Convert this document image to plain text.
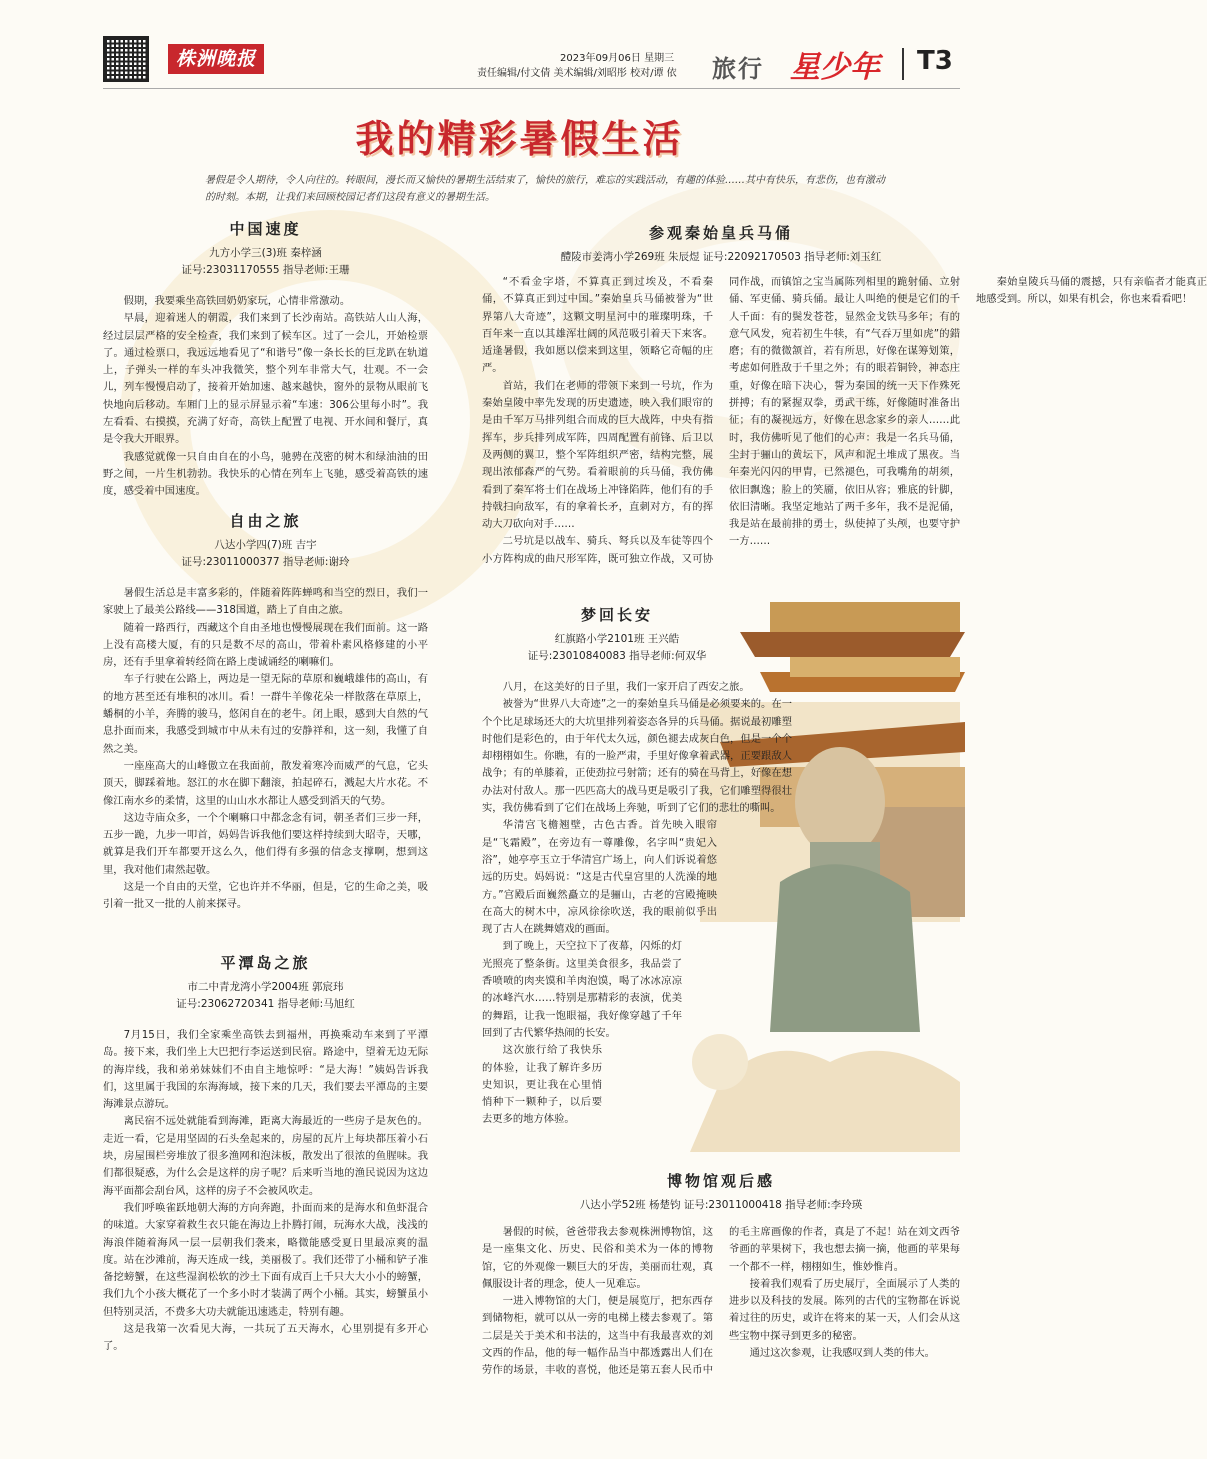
株洲晚报	2023年09月06日 星期三
责任编辑/付文倩 美术编辑/刘昭彤 校对/谭 依 旅行 星少年 T3
我的精彩暑假生活
暑假是令人期待，令人向往的。转眼间，漫长而又愉快的暑期生活结束了，愉快的旅行，难忘的实践活动，有趣的体验……其中有快乐，有悲伤，也有激动的时刻。本期，让我们来回顾校园记者们这段有意义的暑期生活。
中国速度
九方小学三(3)班 秦梓涵
证号:23031170555 指导老师:王珊

假期，我要乘坐高铁回奶奶家玩，心情非常激动。

早晨，迎着迷人的朝霞，我们来到了长沙南站。高铁站人山人海，经过层层严格的安全检查，我们来到了候车区。过了一会儿，开始检票了。通过检票口，我远远地看见了“和谐号”像一条长长的巨龙趴在轨道上，子弹头一样的车头冲我微笑，整个列车非常大气，壮观。不一会儿，列车慢慢启动了，接着开始加速、越来越快，窗外的景物从眼前飞快地向后移动。车厢门上的显示屏显示着“车速：306公里每小时”。我左看看、右摸摸，充满了好奇，高铁上配置了电视、开水间和餐厅，真是令我大开眼界。

我感觉就像一只自由自在的小鸟，驰骋在茂密的树木和绿油油的田野之间，一片生机勃勃。我快乐的心情在列车上飞驰，感受着高铁的速度，感受着中国速度。

自由之旅
八达小学四(7)班 吉宇
证号:23011000377 指导老师:谢玲

暑假生活总是丰富多彩的，伴随着阵阵蝉鸣和当空的烈日，我们一家驶上了最美公路线——318国道，踏上了自由之旅。

随着一路西行，西藏这个自由圣地也慢慢展现在我们面前。这一路上没有高楼大厦，有的只是数不尽的高山，带着朴素风格修建的小平房，还有手里拿着转经筒在路上虔诚诵经的喇嘛们。

车子行驶在公路上，两边是一望无际的草原和巍峨雄伟的高山，有的地方甚至还有堆积的冰川。看！一群牛羊像花朵一样散落在草原上，蟠桐的小羊，奔腾的骏马，悠闲自在的老牛。闭上眼，感到大自然的气息扑面而来，我感受到城市中从未有过的安静祥和，这一刻，我懂了自然之美。

一座座高大的山峰傲立在我面前，散发着寒冷而威严的气息，它头顶天，脚踩着地。怒江的水在脚下翻滚，拍起碎石，溅起大片水花。不像江南水乡的柔情，这里的山山水水都让人感受到滔天的气势。

这边寺庙众多，一个个喇嘛口中都念念有词，朝圣者们三步一拜，五步一跪，九步一叩首，妈妈告诉我他们要这样持续到大昭寺，天哪，就算是我们开车都要开这么久，他们得有多强的信念支撑啊，想到这里，我对他们肃然起敬。

这是一个自由的天堂，它也许并不华丽，但是，它的生命之美，吸引着一批又一批的人前来探寻。

平潭岛之旅
市二中青龙湾小学2004班 郭宸玮
证号:23062720341 指导老师:马旭红

7月15日，我们全家乘坐高铁去到福州，再换乘动车来到了平潭岛。接下来，我们坐上大巴把行李运送到民宿。路途中，望着无边无际的海岸线，我和弟弟妹妹们不由自主地惊呼：“是大海！”姨妈告诉我们，这里属于我国的东海海域，接下来的几天，我们要去平潭岛的主要海滩景点游玩。

离民宿不远处就能看到海滩，距离大海最近的一些房子是灰色的。走近一看，它是用坚固的石头垒起来的，房屋的瓦片上每块都压着小石块，房屋围栏旁堆放了很多渔网和泡沫板，散发出了很浓的鱼腥味。我们都很疑惑，为什么会是这样的房子呢？后来听当地的渔民说因为这边海平面都会刮台风，这样的房子不会被风吹走。

我们呼唤雀跃地朝大海的方向奔跑，扑面而来的是海水和鱼虾混合的味道。大家穿着救生衣只能在海边上扑腾打闹，玩海水大战，浅浅的海浪伴随着海风一层一层朝我们袭来，略微能感受夏日里最凉爽的温度。站在沙滩前，海天连成一线，美丽极了。我们还带了小桶和铲子准备挖螃蟹，在这些湿润松软的沙土下面有成百上千只大大小小的螃蟹，我们九个小孩大概花了一个多小时才装满了两个小桶。其实，螃蟹虽小但特别灵活，不费多大功夫就能迅速逃走，特别有趣。

这是我第一次看见大海，一共玩了五天海水，心里别提有多开心了。

参观秦始皇兵马俑
醴陵市姜湾小学269班 朱辰煜 证号:22092170503 指导老师:刘玉红

“不看金字塔，不算真正到过埃及，不看秦俑，不算真正到过中国。”秦始皇兵马俑被誉为“世界第八大奇迹”，这颗文明星河中的璀璨明珠，千百年来一直以其雄浑壮阔的风范吸引着天下来客。适逢暑假，我如愿以偿来到这里，领略它奇幅的庄严。

首站，我们在老师的带领下来到一号坑，作为秦始皇陵中率先发现的历史遗迹，映入我们眼帘的是由千军万马排列组合而成的巨大战阵，中央有指挥车，步兵排列成军阵，四周配置有前锋、后卫以及两侧的翼卫，整个军阵组织严密，结构完整，展现出浓郁森严的气势。看着眼前的兵马俑，我仿佛看到了秦军将士们在战场上冲锋陷阵，他们有的手持戟扫向敌军，有的拿着长矛，直刺对方，有的挥动大刀砍向对手……

二号坑是以战车、骑兵、弩兵以及车徒等四个小方阵构成的曲尺形军阵，既可独立作战，又可协同作战，而镇馆之宝当属陈列相里的跪射俑、立射俑、军吏俑、骑兵俑。最让人叫绝的便是它们的千人千面：有的鬓发苍苍，显然金戈铁马多年；有的意气风发，宛若初生牛犊，有“气吞万里如虎”的錯磨；有的微微颔首，若有所思，好像在谋筹划策，考虑如何胜敌于千里之外；有的眼若铜铃，神态庄重，好像在暗下决心，誓为秦国的统一天下作殊死拼搏；有的紧握双拳，勇武干练，好像随时准备出征；有的凝视远方，好像在思念家乡的亲人……此时，我仿佛听见了他们的心声：我是一名兵马俑，尘封于骊山的黄坛下，风声和泥土堆成了黑夜。当年秦光闪闪的甲胄，已然褪色，可我嘴角的胡须，依旧飘逸；脸上的笑靥，依旧从容；雅底的针脚，依旧清晰。我坚定地站了两千多年，我不是泥俑，我是站在最前排的勇士，纵使掉了头颅，也要守护一方……

秦始皇陵兵马俑的震撼，只有亲临者才能真正地感受到。所以，如果有机会，你也来看看吧！

梦回长安
红旗路小学2101班 王兴皓
证号:23010840083 指导老师:何双华

八月，在这美好的日子里，我们一家开启了西安之旅。

被誉为“世界八大奇迹”之一的秦始皇兵马俑是必须要来的。在一个个比足球场还大的大坑里排列着姿态各异的兵马俑。据说最初雕塑时他们是彩色的，由于年代太久远，颜色褪去成灰白色，但是一个个却栩栩如生。你瞧，有的一脸严肃，手里好像拿着武器，正要跟敌人战争；有的单膝着，正使劲拉弓射箭；还有的骑在马背上，好像在想办法对付敌人。那一匹匹高大的战马更是吸引了我，它们雕塑得很壮实，我仿佛看到了它们在战场上奔驰，听到了它们的悲壮的嘶叫。

华清宫飞檐翘壁，古色古香。首先映入眼帘是“飞霜殿”，在旁边有一尊雕像，名字叫“贵妃入浴”，她亭亭玉立于华清宫广场上，向人们诉说着悠远的历史。妈妈说：“这是古代皇宫里的人洗澡的地方。”宫殿后面巍然矗立的是骊山，古老的宫殿掩映在高大的树木中，凉风徐徐吹送，我的眼前似乎出现了古人在跳舞嬉戏的画面。

到了晚上，天空拉下了夜幕，闪烁的灯光照亮了整条街。这里美食很多，我品尝了香喷喷的肉夹馍和羊肉泡馍，喝了冰冰凉凉的冰峰汽水……特别是那精彩的表演，优美的舞蹈，让我一饱眼福，我好像穿越了千年回到了古代繁华热闹的长安。

这次旅行给了我快乐的体验，让我了解许多历史知识，更让我在心里悄悄种下一颗种子，以后要去更多的地方体验。

博物馆观后感
八达小学52班 杨楚钧 证号:23011000418 指导老师:李玲瑛

暑假的时候，爸爸带我去参观株洲博物馆，这是一座集文化、历史、民俗和美术为一体的博物馆，它的外观像一颗巨大的牙齿，美丽而壮观，真佩服设计者的理念，使人一见难忘。

一进入博物馆的大门，便是展览厅，把东西存到储物柜，就可以从一旁的电梯上楼去参观了。第二层是关于美术和书法的，这当中有我最喜欢的刘文西的作品，他的每一幅作品当中都透露出人们在劳作的场景，丰收的喜悦，他还是第五套人民币中的毛主席画像的作者，真是了不起！站在刘文西爷爷画的苹果树下，我也想去摘一摘，他画的苹果每一个都不一样，栩栩如生，惟妙惟肖。

接着我们观看了历史展厅，全面展示了人类的进步以及科技的发展。陈列的古代的宝物都在诉说着过往的历史，或许在将来的某一天，人们会从这些宝物中探寻到更多的秘密。

通过这次参观，让我感叹到人类的伟大。
